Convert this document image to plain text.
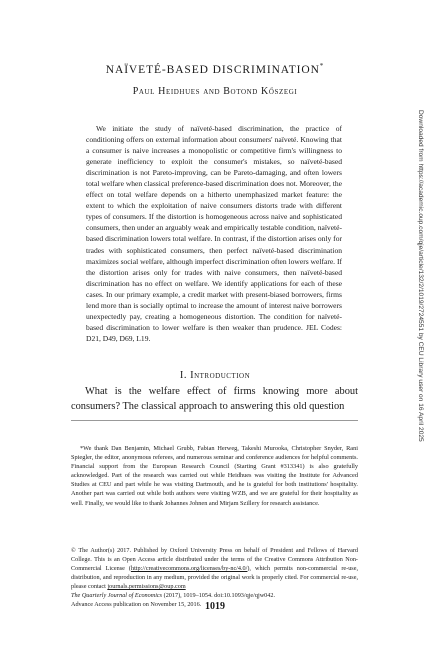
Downloaded from https://academic.oup.com/qje/article/132/2/1019/2724551 by CEU Library user on 16 April 2025
NAÏVETÉ-BASED DISCRIMINATION*
Paul Heidhues and Botond Kőszegi

We initiate the study of naïveté-based discrimination, the practice of conditioning offers on external information about consumers' naïveté. Knowing that a consumer is naive increases a monopolistic or competitive firm's willingness to generate inefficiency to exploit the consumer's mistakes, so naïveté-based discrimination is not Pareto-improving, can be Pareto-damaging, and often lowers total welfare when classical preference-based discrimination does not. Moreover, the effect on total welfare depends on a hitherto unemphasized market feature: the extent to which the exploitation of naive consumers distorts trade with different types of consumers. If the distortion is homogeneous across naive and sophisticated consumers, then under an arguably weak and empirically testable condition, naïveté-based discrimination lowers total welfare. In contrast, if the distortion arises only for trades with sophisticated consumers, then perfect naïveté-based discrimination maximizes social welfare, although imperfect discrimination often lowers welfare. If the distortion arises only for trades with naive consumers, then naïveté-based discrimination has no effect on welfare. We identify applications for each of these cases. In our primary example, a credit market with present-biased borrowers, firms lend more than is socially optimal to increase the amount of interest naive borrowers unexpectedly pay, creating a homogeneous distortion. The condition for naïveté-based discrimination to lower welfare is then weaker than prudence. JEL Codes: D21, D49, D69, L19.

I. Introduction

What is the welfare effect of firms knowing more about consumers? The classical approach to answering this old question

*We thank Dan Benjamin, Michael Grubb, Fabian Herweg, Takeshi Murooka, Christopher Snyder, Rani Spiegler, the editor, anonymous referees, and numerous seminar and conference audiences for helpful comments. Financial support from the European Research Council (Starting Grant #313341) is also gratefully acknowledged. Part of the research was carried out while Heidhues was visiting the Institute for Advanced Studies at CEU and part while he was visiting Dartmouth, and he is grateful for both institutions' hospitality. Another part was carried out while both authors were visiting WZB, and we are grateful for their hospitality as well. Finally, we would like to thank Johannes Johnen and Mirjam Szillery for research assistance.

© The Author(s) 2017. Published by Oxford University Press on behalf of President and Fellows of Harvard College. This is an Open Access article distributed under the terms of the Creative Commons Attribution Non-Commercial License (http://creativecommons.org/licenses/by-nc/4.0/), which permits non-commercial re-use, distribution, and reproduction in any medium, provided the original work is properly cited. For commercial re-use, please contact journals.permissions@oup.com
The Quarterly Journal of Economics (2017), 1019–1054. doi:10.1093/qje/qjw042.
Advance Access publication on November 15, 2016. 1019
